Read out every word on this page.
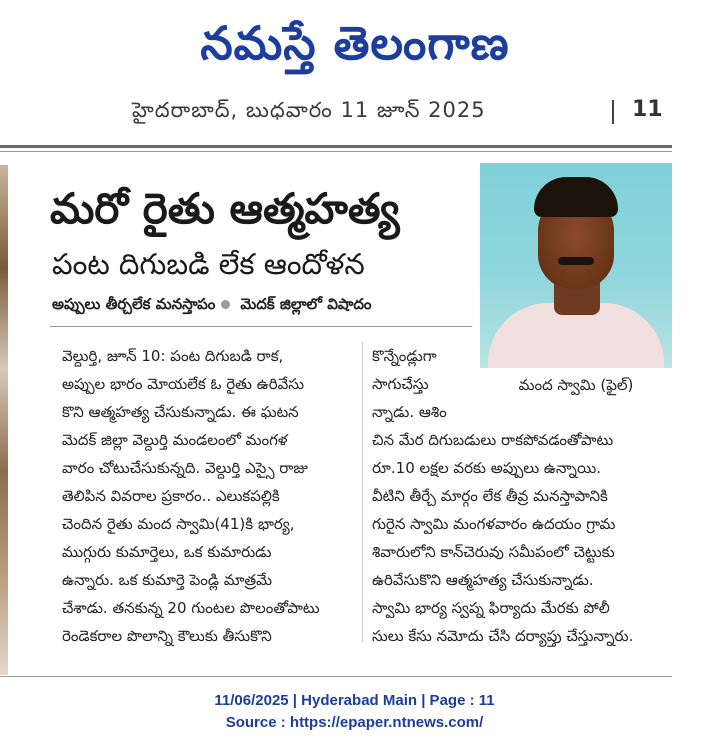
నమస్తే తెలంగాణ
హైదరాబాద్, బుధవారం 11 జూన్ 2025	11
మరో రైతు ఆత్మహత్య
పంట దిగుబడి లేక ఆందోళన
అప్పులు తీర్చలేక మనస్తాపం మెదక్ జిల్లాలో విషాదం
మంద స్వామి (ఫైల్)
వెల్దుర్తి, జూన్ 10: పంట దిగుబడి రాక,
అప్పుల భారం మోయలేక ఓ రైతు ఉరివేసు
కొని ఆత్మహత్య చేసుకున్నాడు. ఈ ఘటన
మెదక్ జిల్లా వెల్దుర్తి మండలంలో మంగళ
వారం చోటుచేసుకున్నది. వెల్దుర్తి ఎస్సై రాజు
తెలిపిన వివరాల ప్రకారం.. ఎలుకపల్లికి
చెందిన రైతు మంద స్వామి(41)కి భార్య,
ముగ్గురు కుమార్తెలు, ఒక కుమారుడు
ఉన్నారు. ఒక కుమార్తె పెండ్లి మాత్రమే
చేశాడు. తనకున్న 20 గుంటల పొలంతోపాటు
రెండెకరాల పొలాన్ని కౌలుకు తీసుకొని
కొన్నేండ్లుగా
సాగుచేస్తు
న్నాడు. ఆశిం
చిన మేర దిగుబడులు రాకపోవడంతోపాటు
రూ.10 లక్షల వరకు అప్పులు ఉన్నాయి.
వీటిని తీర్చే మార్గం లేక తీవ్ర మనస్తాపానికి
గురైన స్వామి మంగళవారం ఉదయం గ్రామ
శివారులోని కాన్‌చెరువు సమీపంలో చెట్టుకు
ఉరివేసుకొని ఆత్మహత్య చేసుకున్నాడు.
స్వామి భార్య స్వప్న ఫిర్యాదు మేరకు పోలీ
సులు కేసు నమోదు చేసి దర్యాప్తు చేస్తున్నారు.
11/06/2025 | Hyderabad Main | Page : 11
Source : https://epaper.ntnews.com/
